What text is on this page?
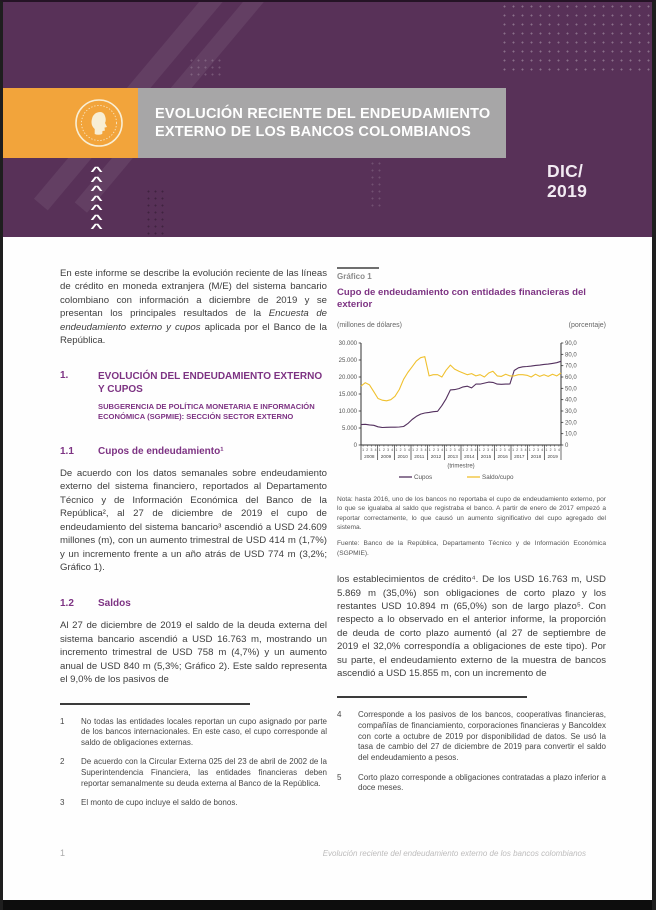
EVOLUCIÓN RECIENTE DEL ENDEUDAMIENTO
EXTERNO DE LOS BANCOS COLOMBIANOS
^
^
^
^
^
^
^
DIC/
2019

En este informe se describe la evolución reciente de las líneas de crédito en moneda extranjera (M/E) del sistema bancario colombiano con información a diciembre de 2019 y se presentan los principales resultados de la Encuesta de endeudamiento externo y cupos aplicada por el Banco de la República.

1.	EVOLUCIÓN DEL ENDEUDAMIENTO EXTERNO Y CUPOS
SUBGERENCIA DE POLÍTICA MONETARIA E INFORMACIÓN ECONÓMICA (SGPMIE): SECCIÓN SECTOR EXTERNO
1.1	Cupos de endeudamiento¹

De acuerdo con los datos semanales sobre endeudamiento externo del sistema financiero, reportados al Departamento Técnico y de Información Económica del Banco de la República², al 27 de diciembre de 2019 el cupo de endeudamiento del sistema bancario³ ascendió a USD 24.609 millones (m), con un aumento trimestral de USD 414 m (1,7%) y un incremento frente a un año atrás de USD 774 m (3,2%; Gráfico 1).

1.2	Saldos

Al 27 de diciembre de 2019 el saldo de la deuda externa del sistema bancario ascendió a USD 16.763 m, mostrando un incremento trimestral de USD 758 m (4,7%) y un aumento anual de USD 840 m (5,3%; Gráfico 2). Este saldo representa el 9,0% de los pasivos de

1	No todas las entidades locales reportan un cupo asignado por parte de los bancos internacionales. En este caso, el cupo corresponde al saldo de obligaciones externas.
2	De acuerdo con la Circular Externa 025 del 23 de abril de 2002 de la Superintendencia Financiera, las entidades financieras deben reportar semanalmente su deuda externa al Banco de la República.
3	El monto de cupo incluye el saldo de bonos.
Gráfico 1
Cupo de endeudamiento con entidades financieras del exterior
(millones de dólares)	(porcentaje)
0
5.000
10.000
15.000
20.000
25.000
30.000
0
10,0
20,0
30,0
40,0
50,0
60,0
70,0
80,0
90,0
2008
1 2 3 4
2009
1 2 3 4
2010
1 2 3 4
2011
1 2 3 4
2012
1 2 3 4
2013
1 2 3 4
2014
1 2 3 4
2015
1 2 3 4
2016
1 2 3 4
2017
1 2 3 4
2018
1 2 3 4
2019
1 2 3 4
(trimestre)
Cupos	Saldo/cupo
Nota: hasta 2016, uno de los bancos no reportaba el cupo de endeudamiento externo, por lo que se igualaba al saldo que registraba el banco. A partir de enero de 2017 empezó a reportar correctamente, lo que causó un aumento significativo del cupo agregado del sistema.
Fuente: Banco de la República, Departamento Técnico y de Información Económica (SGPMIE).

los establecimientos de crédito⁴. De los USD 16.763 m, USD 5.869 m (35,0%) son obligaciones de corto plazo y los restantes USD 10.894 m (65,0%) son de largo plazo⁵. Con respecto a lo observado en el anterior informe, la proporción de deuda de corto plazo aumentó (al 27 de septiembre de 2019 el 32,0% correspondía a obligaciones de este tipo). Por su parte, el endeudamiento externo de la muestra de bancos ascendió a USD 15.855 m, con un incremento de

4	Corresponde a los pasivos de los bancos, cooperativas financieras, compañías de financiamiento, corporaciones financieras y Bancoldex con corte a octubre de 2019 por disponibilidad de datos. Se usó la tasa de cambio del 27 de diciembre de 2019 para convertir el saldo del endeudamiento a pesos.
5	Corto plazo corresponde a obligaciones contratadas a plazo inferior a doce meses.
1	Evolución reciente del endeudamiento externo de los bancos colombianos
